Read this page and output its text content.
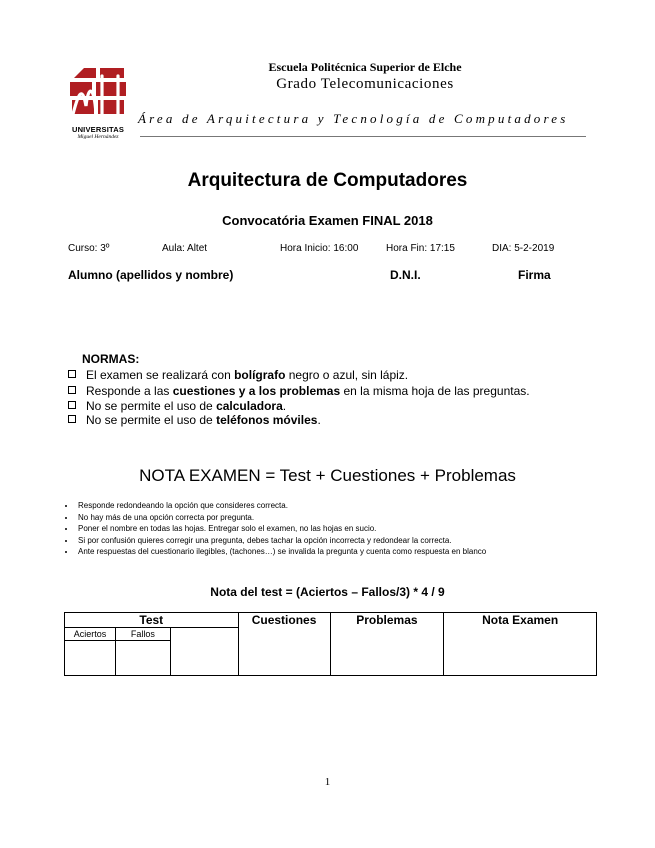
UNIVERSITAS
Miguel Hernández
Escuela Politécnica Superior de Elche
Grado Telecomunicaciones
Área de Arquitectura y Tecnología de Computadores
Arquitectura de Computadores
Convocatória Examen FINAL 2018
Curso: 3º	Aula: Altet	Hora Inicio: 16:00	Hora Fin: 17:15	DIA: 5-2-2019
Alumno (apellidos y nombre)	D.N.I.	Firma
NORMAS:
El examen se realizará con bolígrafo negro o azul, sin lápiz.
Responde a las cuestiones y a los problemas en la misma hoja de las preguntas.
No se permite el uso de calculadora.
No se permite el uso de teléfonos móviles.
NOTA EXAMEN = Test + Cuestiones + Problemas
• Responde redondeando la opción que consideres correcta.
• No hay más de una opción correcta por pregunta.
• Poner el nombre en todas las hojas. Entregar solo el examen, no las hojas en sucio.
• Si por confusión quieres corregir una pregunta, debes tachar la opción incorrecta y redondear la correcta.
• Ante respuestas del cuestionario ilegibles, (tachones…) se invalida la pregunta y cuenta como respuesta en blanco
Nota del test = (Aciertos – Fallos/3) * 4 / 9
Test			Cuestiones	Problemas	Nota Examen
Aciertos	Fallos				

1
